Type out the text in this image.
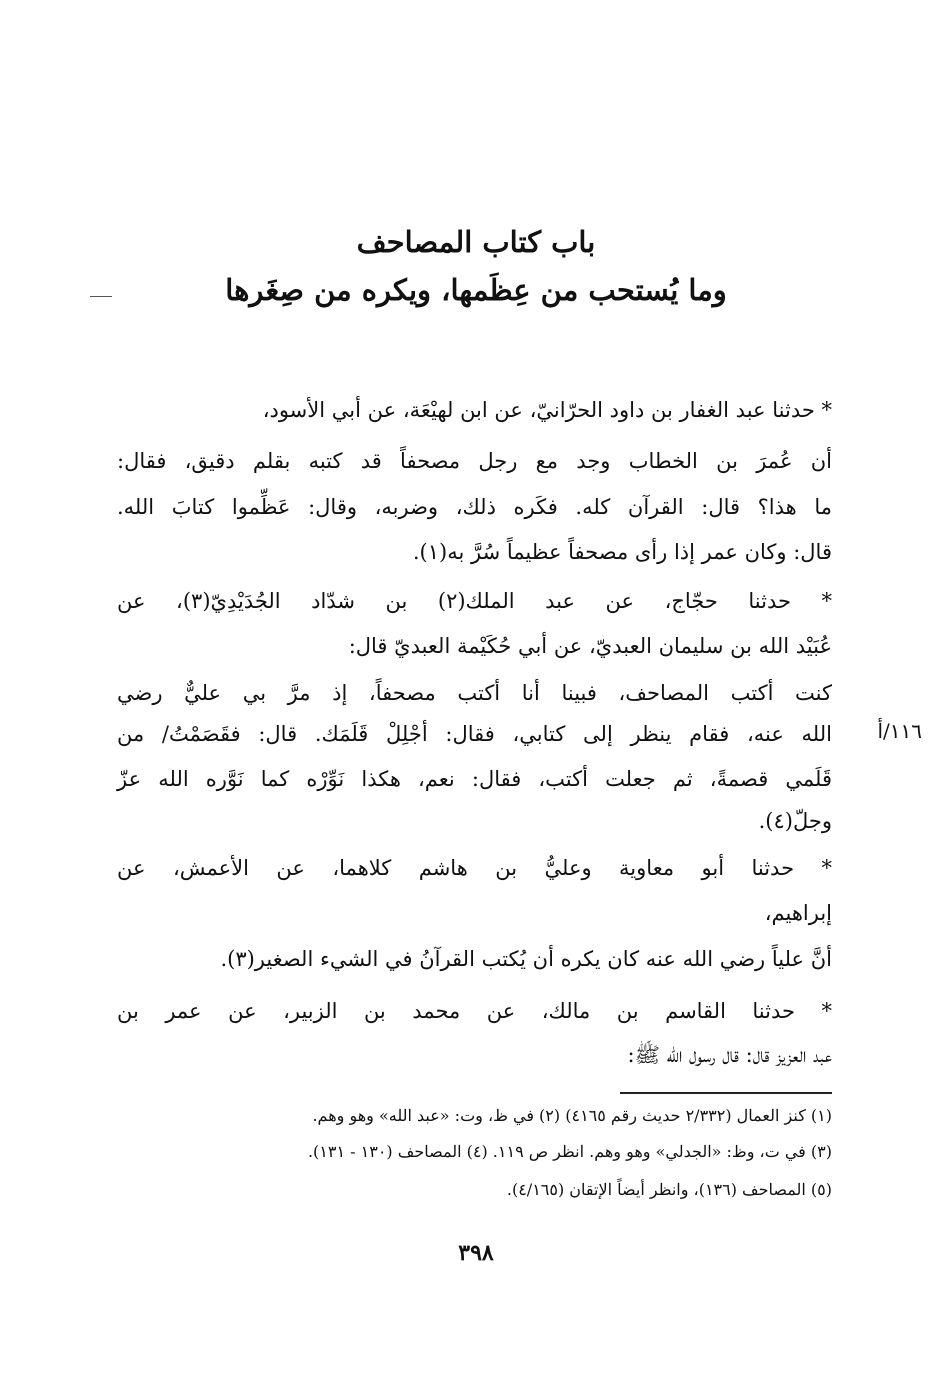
باب كتاب المصاحف
وما يُستحب من عِظَمها، ويكره من صِغَرها
* حدثنا عبد الغفار بن داود الحرّانيّ، عن ابن لهيْعَة، عن أبي الأسود،
أن عُمرَ بن الخطاب وجد مع رجل مصحفاً قد كتبه بقلم دقيق، فقال:
ما هذا؟ قال: القرآن كله. فكَره ذلك، وضربه، وقال: عَظِّموا كتابَ الله.
قال: وكان عمر إذا رأى مصحفاً عظيماً سُرَّ به(١).
* حدثنا حجّاج، عن عبد الملك(٢) بن شدّاد الجُدَيْدِيّ(٣)، عن
عُبَيْد الله بن سليمان العبديّ، عن أبي حُكَيْمة العبديّ قال:
كنت أكتب المصاحف، فبينا أنا أكتب مصحفاً، إذ مرَّ بي عليٌّ رضي
الله عنه، فقام ينظر إلى كتابي، فقال: أجْلِلْ قَلَمَك. قال: فقَصَمْتُ/ من
قَلَمي قصمةً، ثم جعلت أكتب، فقال: نعم، هكذا نَوِّرْه كما نَوَّره الله عزّ
وجلّ(٤).
* حدثنا أبو معاوية وعليُّ بن هاشم كلاهما، عن الأعمش، عن
إبراهيم،
أنَّ علياً رضي الله عنه كان يكره أن يُكتب القرآنُ في الشيء الصغير(٣).
* حدثنا القاسم بن مالك، عن محمد بن الزبير، عن عمر بن
عبد العزيز قال: قال رسول الله ﷺ:
١١٦/أ
(١) كنز العمال (٢/٣٣٢ حديث رقم ٤١٦٥) (٢) في ظ، وت: «عبد الله» وهو وهم.
(٣) في ت، وظ: «الجدلي» وهو وهم. انظر ص ١١٩. (٤) المصاحف (١٣٠ - ١٣١).
(٥) المصاحف (١٣٦)، وانظر أيضاً الإتقان (٤/١٦٥).
٣٩٨
